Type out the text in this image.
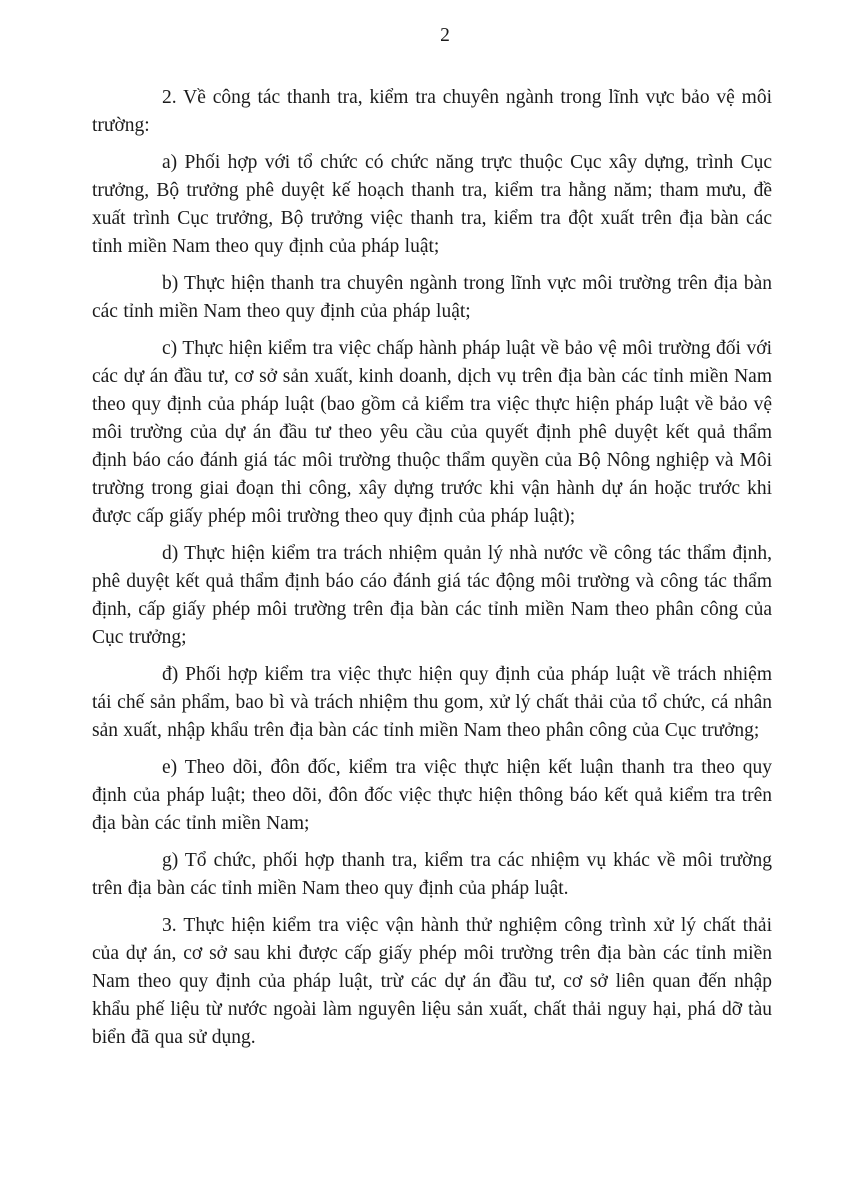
2

2. Về công tác thanh tra, kiểm tra chuyên ngành trong lĩnh vực bảo vệ môi trường:

a) Phối hợp với tổ chức có chức năng trực thuộc Cục xây dựng, trình Cục trưởng, Bộ trưởng phê duyệt kế hoạch thanh tra, kiểm tra hằng năm; tham mưu, đề xuất trình Cục trưởng, Bộ trưởng việc thanh tra, kiểm tra đột xuất trên địa bàn các tỉnh miền Nam theo quy định của pháp luật;

b) Thực hiện thanh tra chuyên ngành trong lĩnh vực môi trường trên địa bàn các tỉnh miền Nam theo quy định của pháp luật;

c) Thực hiện kiểm tra việc chấp hành pháp luật về bảo vệ môi trường đối với các dự án đầu tư, cơ sở sản xuất, kinh doanh, dịch vụ trên địa bàn các tỉnh miền Nam theo quy định của pháp luật (bao gồm cả kiểm tra việc thực hiện pháp luật về bảo vệ môi trường của dự án đầu tư theo yêu cầu của quyết định phê duyệt kết quả thẩm định báo cáo đánh giá tác môi trường thuộc thẩm quyền của Bộ Nông nghiệp và Môi trường trong giai đoạn thi công, xây dựng trước khi vận hành dự án hoặc trước khi được cấp giấy phép môi trường theo quy định của pháp luật);

d) Thực hiện kiểm tra trách nhiệm quản lý nhà nước về công tác thẩm định, phê duyệt kết quả thẩm định báo cáo đánh giá tác động môi trường và công tác thẩm định, cấp giấy phép môi trường trên địa bàn các tỉnh miền Nam theo phân công của Cục trưởng;

đ) Phối hợp kiểm tra việc thực hiện quy định của pháp luật về trách nhiệm tái chế sản phẩm, bao bì và trách nhiệm thu gom, xử lý chất thải của tổ chức, cá nhân sản xuất, nhập khẩu trên địa bàn các tỉnh miền Nam theo phân công của Cục trưởng;

e) Theo dõi, đôn đốc, kiểm tra việc thực hiện kết luận thanh tra theo quy định của pháp luật; theo dõi, đôn đốc việc thực hiện thông báo kết quả kiểm tra trên địa bàn các tỉnh miền Nam;

g) Tổ chức, phối hợp thanh tra, kiểm tra các nhiệm vụ khác về môi trường trên địa bàn các tỉnh miền Nam theo quy định của pháp luật.

3. Thực hiện kiểm tra việc vận hành thử nghiệm công trình xử lý chất thải của dự án, cơ sở sau khi được cấp giấy phép môi trường trên địa bàn các tỉnh miền Nam theo quy định của pháp luật, trừ các dự án đầu tư, cơ sở liên quan đến nhập khẩu phế liệu từ nước ngoài làm nguyên liệu sản xuất, chất thải nguy hại, phá dỡ tàu biển đã qua sử dụng.
